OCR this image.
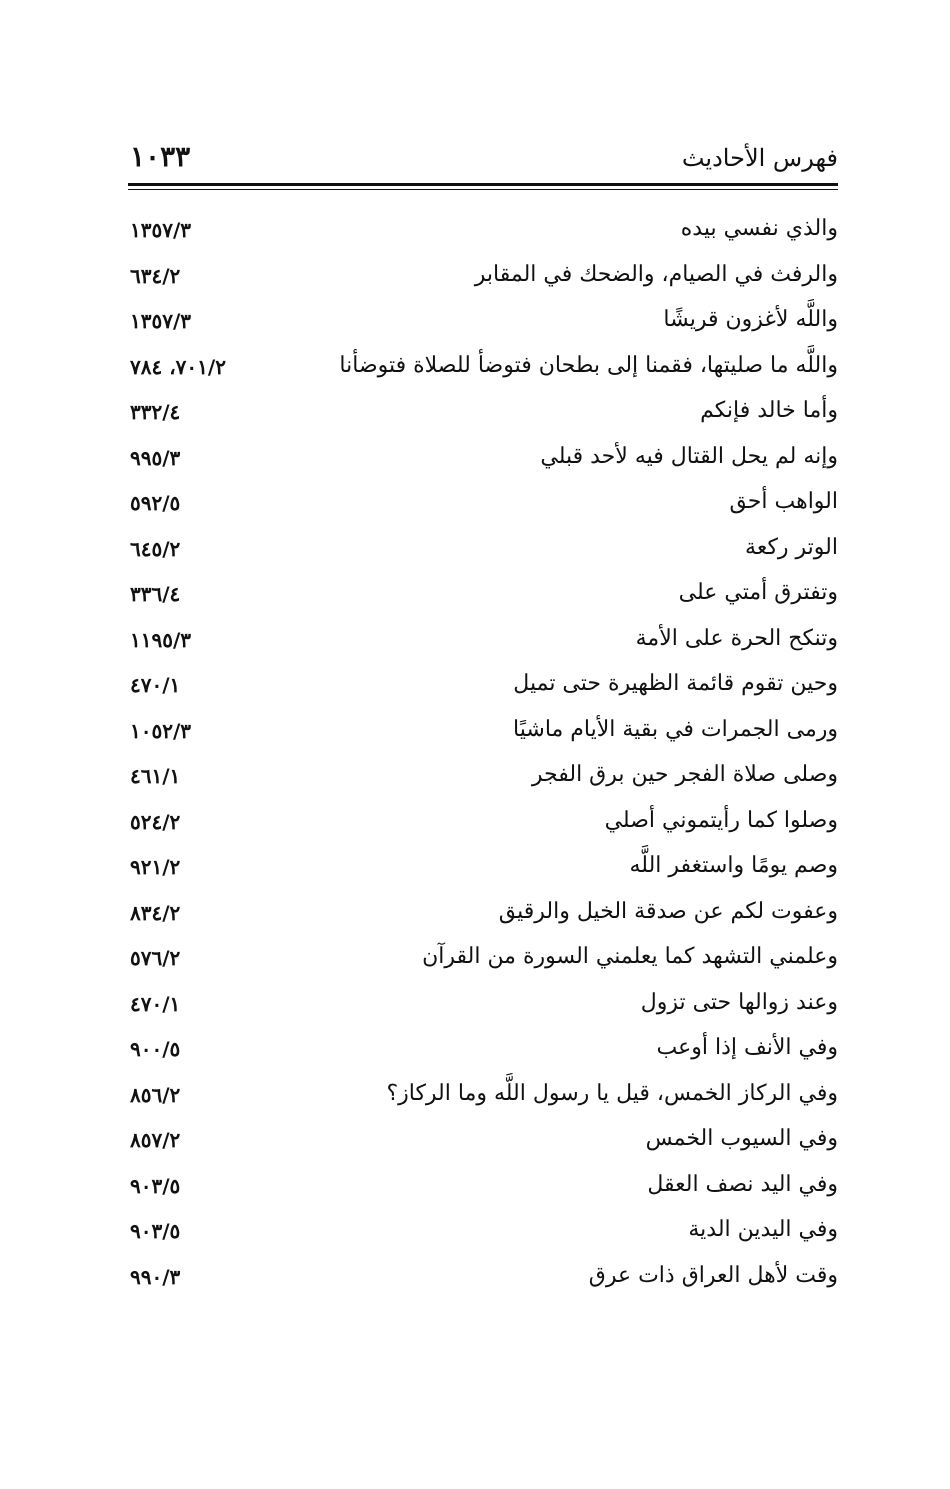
فهرس الأحاديث
١٠٣٣
والذي نفسي بيده
١٣٥٧/٣
والرفث في الصيام، والضحك في المقابر
٦٣٤/٢
واللَّه لأغزون قريشًا
١٣٥٧/٣
واللَّه ما صليتها، فقمنا إلى بطحان فتوضأ للصلاة فتوضأنا
٧٠١/٢، ٧٨٤
وأما خالد فإنكم
٣٣٢/٤
وإنه لم يحل القتال فيه لأحد قبلي
٩٩٥/٣
الواهب أحق
٥٩٢/٥
الوتر ركعة
٦٤٥/٢
وتفترق أمتي على
٣٣٦/٤
وتنكح الحرة على الأمة
١١٩٥/٣
وحين تقوم قائمة الظهيرة حتى تميل
٤٧٠/١
ورمى الجمرات في بقية الأيام ماشيًا
١٠٥٢/٣
وصلى صلاة الفجر حين برق الفجر
٤٦١/١
وصلوا كما رأيتموني أصلي
٥٢٤/٢
وصم يومًا واستغفر اللَّه
٩٢١/٢
وعفوت لكم عن صدقة الخيل والرقيق
٨٣٤/٢
وعلمني التشهد كما يعلمني السورة من القرآن
٥٧٦/٢
وعند زوالها حتى تزول
٤٧٠/١
وفي الأنف إذا أوعب
٩٠٠/٥
وفي الركاز الخمس، قيل يا رسول اللَّه وما الركاز؟
٨٥٦/٢
وفي السيوب الخمس
٨٥٧/٢
وفي اليد نصف العقل
٩٠٣/٥
وفي اليدين الدية
٩٠٣/٥
وقت لأهل العراق ذات عرق
٩٩٠/٣
